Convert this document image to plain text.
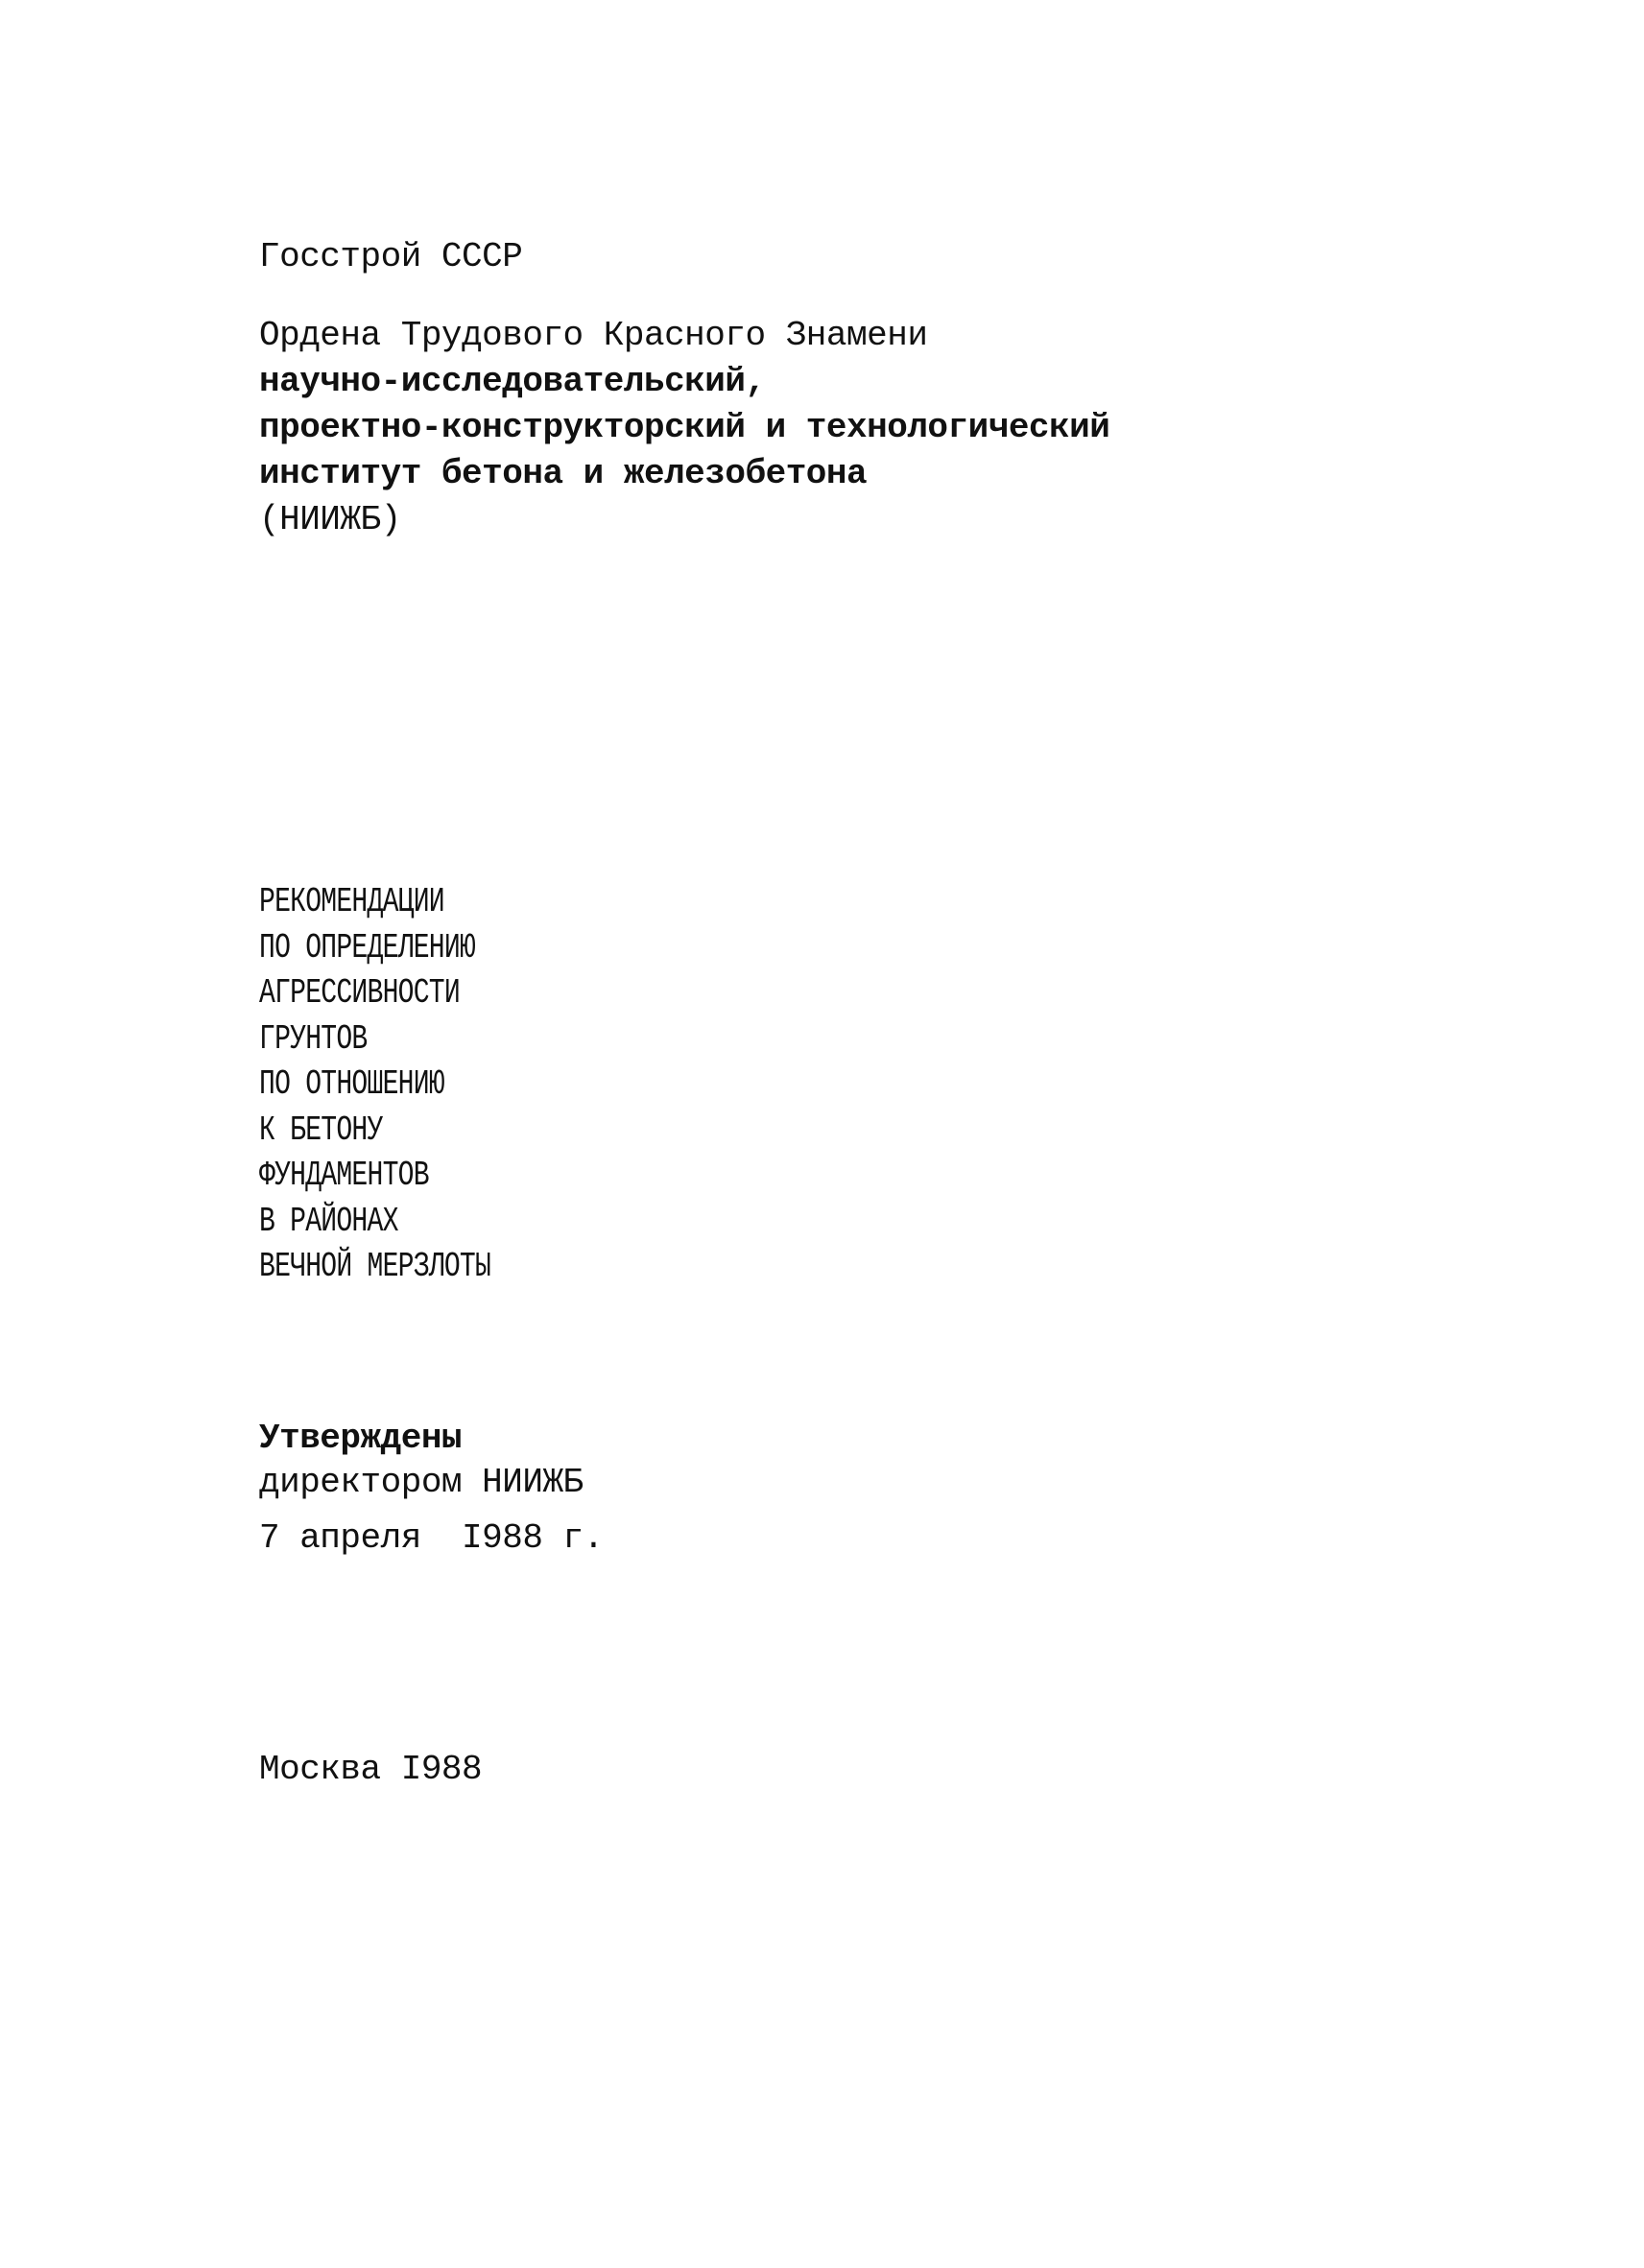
Госстрой СССР
Ордена Трудового Красного Знамени
научно-исследовательский,
проектно-конструкторский и технологический
институт бетона и железобетона
(НИИЖБ)
РЕКОМЕНДАЦИИ
ПО ОПРЕДЕЛЕНИЮ
АГРЕССИВНОСТИ
ГРУНТОВ
ПО ОТНОШЕНИЮ
К БЕТОНУ
ФУНДАМЕНТОВ
В РАЙОНАХ
ВЕЧНОЙ МЕРЗЛОТЫ
Утверждены
директором НИИЖБ
7 апреля  I988 г.
Москва I988
